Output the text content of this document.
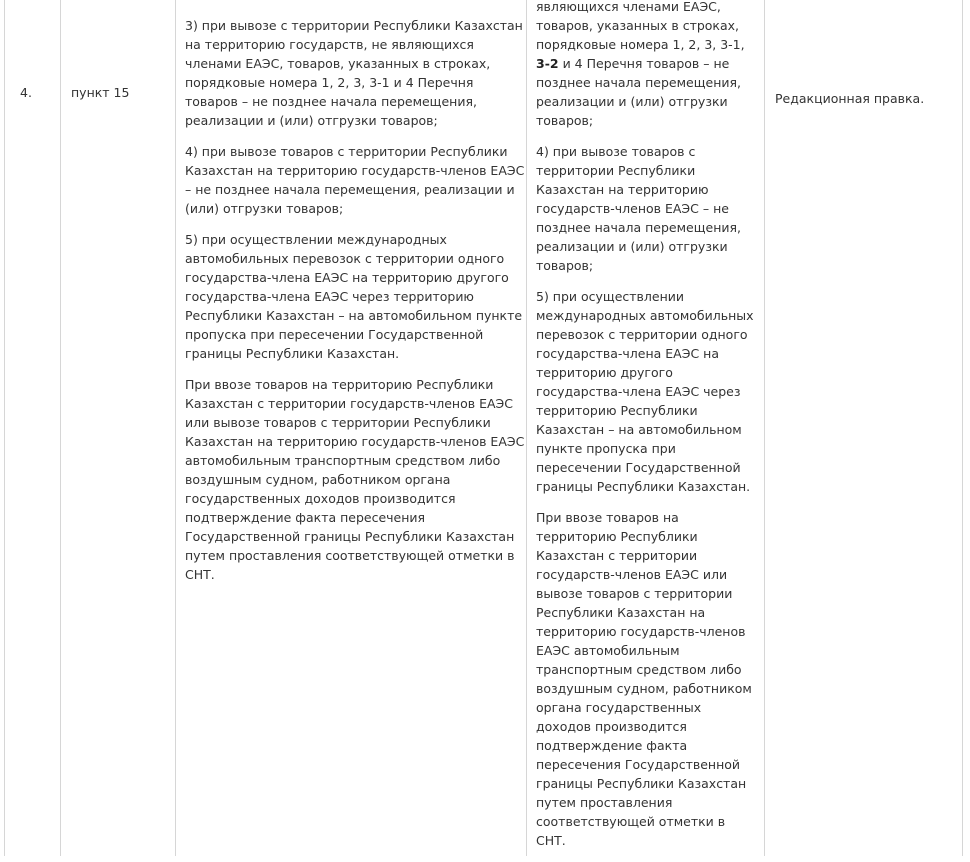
4.	пункт 15

3) при вывозе с территории Республики Казахстан на территорию государств, не являющихся членами ЕАЭС, товаров, указанных в строках, порядковые номера 1, 2, 3, 3-1 и 4 Перечня товаров – не позднее начала перемещения, реализации и (или) отгрузки товаров;

4) при вывозе товаров с территории Республики Казахстан на территорию государств-членов ЕАЭС – не позднее начала перемещения, реализации и (или) отгрузки товаров;

5) при осуществлении международных автомобильных перевозок с территории одного государства-члена ЕАЭС на территорию другого государства-члена ЕАЭС через территорию Республики Казахстан – на автомобильном пункте пропуска при пересечении Государственной границы Республики Казахстан.

При ввозе товаров на территорию Республики Казахстан с территории государств-членов ЕАЭС или вывозе товаров с территории Республики Казахстан на территорию государств-членов ЕАЭС автомобильным транспортным средством либо воздушным судном, работником органа государственных доходов производится подтверждение факта пересечения Государственной границы Республики Казахстан путем проставления соответствующей отметки в СНТ.

являющихся членами ЕАЭС, товаров, указанных в строках, порядковые номера 1, 2, 3, 3-1, 3-2 и 4 Перечня товаров – не позднее начала перемещения, реализации и (или) отгрузки товаров;

4) при вывозе товаров с территории Республики Казахстан на территорию государств-членов ЕАЭС – не позднее начала перемещения, реализации и (или) отгрузки товаров;

5) при осуществлении международных автомобильных перевозок с территории одного государства-члена ЕАЭС на территорию другого государства-члена ЕАЭС через территорию Республики Казахстан – на автомобильном пункте пропуска при пересечении Государственной границы Республики Казахстан.

При ввозе товаров на территорию Республики Казахстан с территории государств-членов ЕАЭС или вывозе товаров с территории Республики Казахстан на территорию государств-членов ЕАЭС автомобильным транспортным средством либо воздушным судном, работником органа государственных доходов производится подтверждение факта пересечения Государственной границы Республики Казахстан путем проставления соответствующей отметки в СНТ.

Редакционная правка.
